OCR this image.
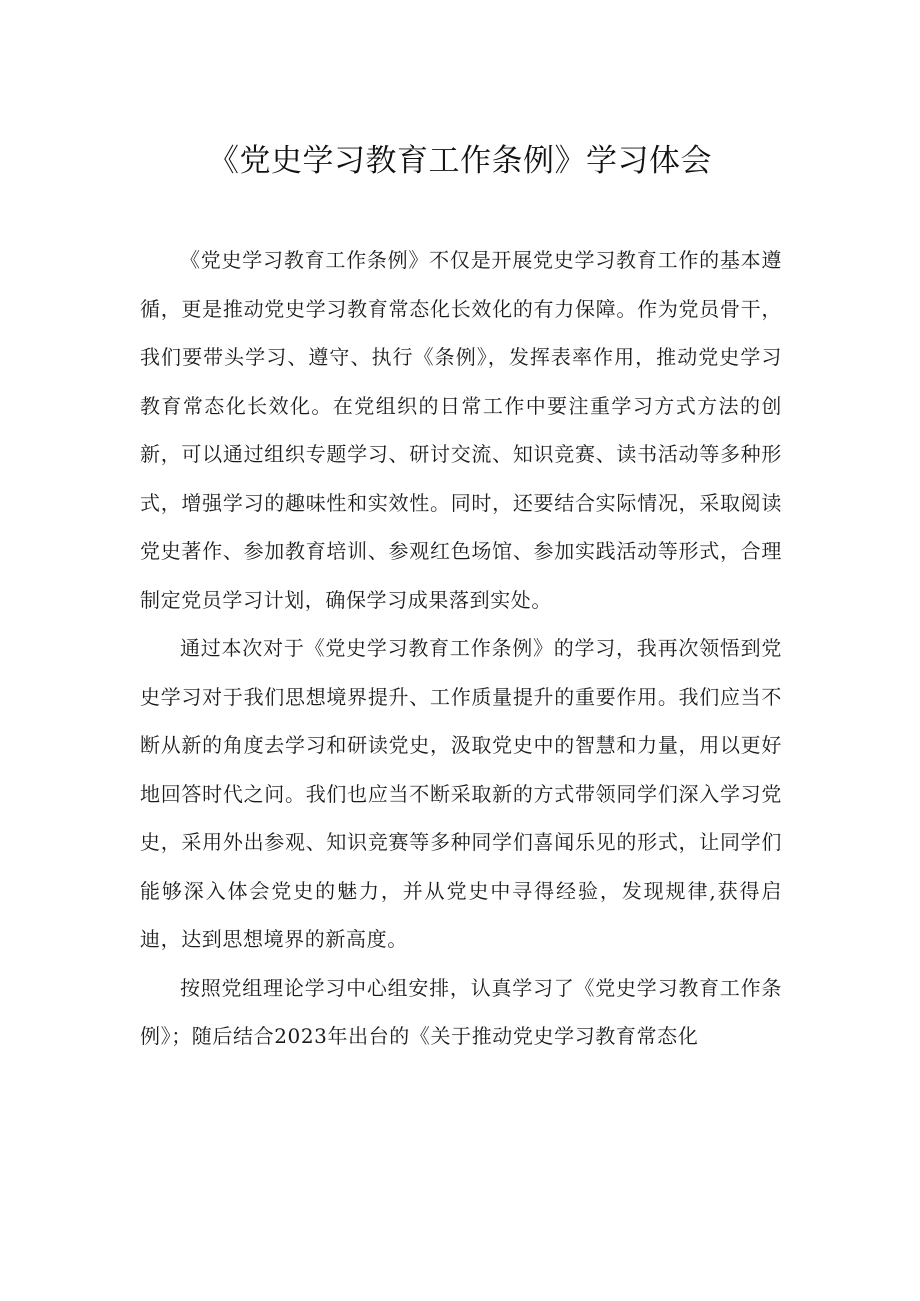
《党史学习教育工作条例》学习体会

《党史学习教育工作条例》不仅是开展党史学习教育工作的基本遵循，更是推动党史学习教育常态化长效化的有力保障。作为党员骨干，我们要带头学习、遵守、执行《条例》，发挥表率作用，推动党史学习教育常态化长效化。在党组织的日常工作中要注重学习方式方法的创新，可以通过组织专题学习、研讨交流、知识竞赛、读书活动等多种形式，增强学习的趣味性和实效性。同时，还要结合实际情况，采取阅读党史著作、参加教育培训、参观红色场馆、参加实践活动等形式，合理制定党员学习计划，确保学习成果落到实处。

通过本次对于《党史学习教育工作条例》的学习，我再次领悟到党史学习对于我们思想境界提升、工作质量提升的重要作用。我们应当不断从新的角度去学习和研读党史，汲取党史中的智慧和力量，用以更好地回答时代之问。我们也应当不断采取新的方式带领同学们深入学习党史，采用外出参观、知识竞赛等多种同学们喜闻乐见的形式，让同学们能够深入体会党史的魅力，并从党史中寻得经验，发现规律,获得启迪，达到思想境界的新高度。

按照党组理论学习中心组安排，认真学习了《党史学习教育工作条例》；随后结合2023年出台的《关于推动党史学习教育常态化
